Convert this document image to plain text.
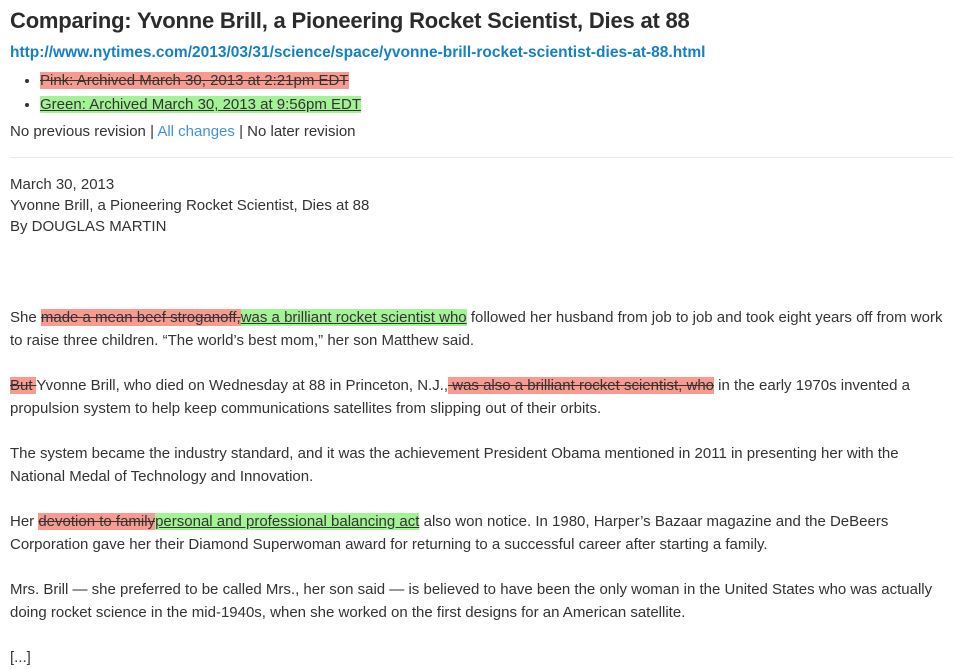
Comparing: Yvonne Brill, a Pioneering Rocket Scientist, Dies at 88
http://www.nytimes.com/2013/03/31/science/space/yvonne-brill-rocket-scientist-dies-at-88.html
• Pink: Archived March 30, 2013 at 2:21pm EDT
• Green: Archived March 30, 2013 at 9:56pm EDT
No previous revision | All changes | No later revision
March 30, 2013
Yvonne Brill, a Pioneering Rocket Scientist, Dies at 88
By DOUGLAS MARTIN

She made a mean beef stroganoff,was a brilliant rocket scientist who followed her husband from job to job and took eight years off from work to raise three children. “The world’s best mom,” her son Matthew said.

But Yvonne Brill, who died on Wednesday at 88 in Princeton, N.J., was also a brilliant rocket scientist, who in the early 1970s invented a propulsion system to help keep communications satellites from slipping out of their orbits.

The system became the industry standard, and it was the achievement President Obama mentioned in 2011 in presenting her with the National Medal of Technology and Innovation.

Her devotion to familypersonal and professional balancing act also won notice. In 1980, Harper’s Bazaar magazine and the DeBeers Corporation gave her their Diamond Superwoman award for returning to a successful career after starting a family.

Mrs. Brill — she preferred to be called Mrs., her son said — is believed to have been the only woman in the United States who was actually doing rocket science in the mid-1940s, when she worked on the first designs for an American satellite.

[...]
